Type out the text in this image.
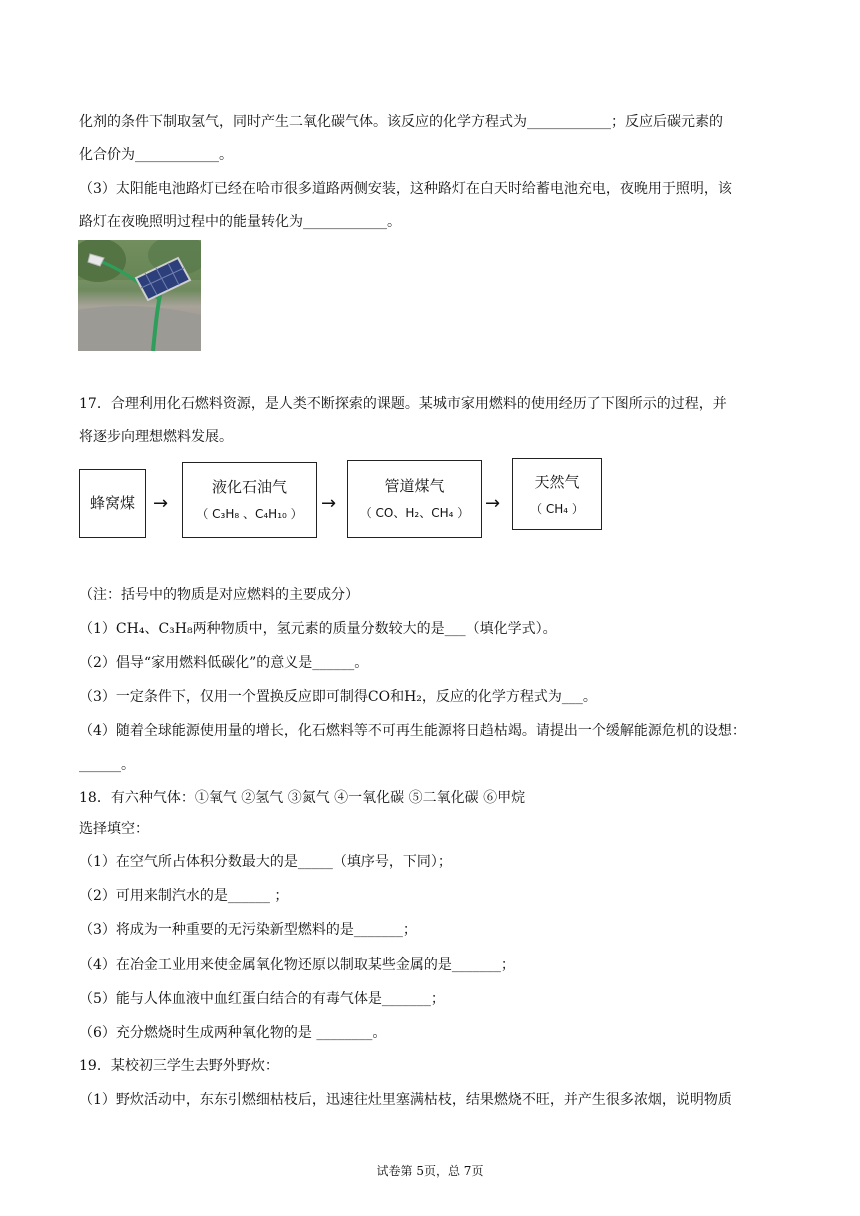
化剂的条件下制取氢气，同时产生二氧化碳气体。该反应的化学方程式为____________；反应后碳元素的
化合价为____________。
（3）太阳能电池路灯已经在哈市很多道路两侧安装，这种路灯在白天时给蓄电池充电，夜晚用于照明，该
路灯在夜晚照明过程中的能量转化为____________。
17．合理利用化石燃料资源，是人类不断探索的课题。某城市家用燃料的使用经历了下图所示的过程，并
将逐步向理想燃料发展。
蜂窝煤	→
液化石油气
（ C₃H₈ 、C₄H₁₀ ）	→
管道煤气
（ CO、H₂、CH₄ ） →
天然气
（ CH₄ ）
（注：括号中的物质是对应燃料的主要成分）
（1）CH₄、C₃H₈两种物质中，氢元素的质量分数较大的是___（填化学式）。
（2）倡导“家用燃料低碳化”的意义是______。
（3）一定条件下，仅用一个置换反应即可制得CO和H₂，反应的化学方程式为___。
（4）随着全球能源使用量的增长，化石燃料等不可再生能源将日趋枯竭。请提出一个缓解能源危机的设想：
______。
18．有六种气体：①氧气 ②氢气 ③氮气 ④一氧化碳 ⑤二氧化碳 ⑥甲烷
选择填空：
（1）在空气所占体积分数最大的是_____（填序号，下同）；
（2）可用来制汽水的是______ ；
（3）将成为一种重要的无污染新型燃料的是_______；
（4）在冶金工业用来使金属氧化物还原以制取某些金属的是_______；
（5）能与人体血液中血红蛋白结合的有毒气体是_______；
（6）充分燃烧时生成两种氧化物的是 ________。
19．某校初三学生去野外野炊：
（1）野炊活动中，东东引燃细枯枝后，迅速往灶里塞满枯枝，结果燃烧不旺，并产生很多浓烟，说明物质
试卷第 5页，总 7页
